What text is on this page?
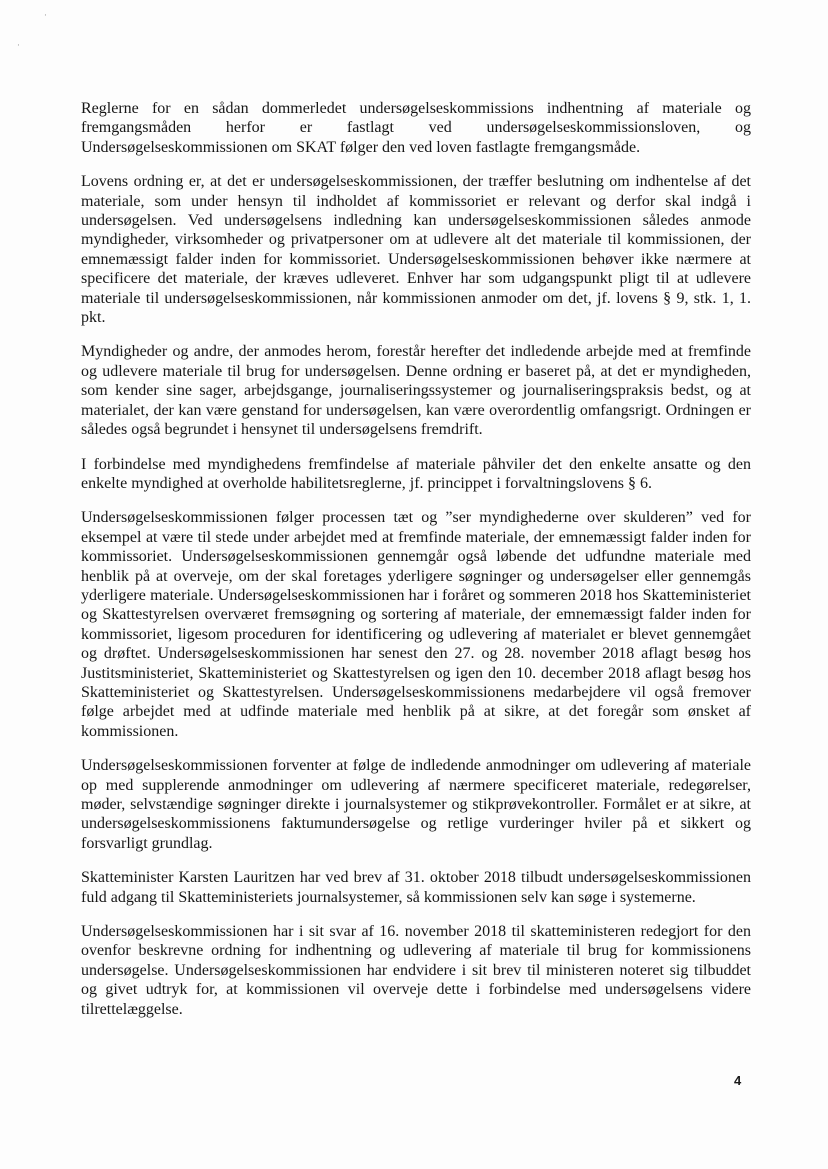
·
·

Reglerne for en sådan dommerledet undersøgelseskommissions indhentning af materiale og fremgangsmåden herfor er fastlagt ved undersøgelseskommissionsloven, og Undersøgelseskommissionen om SKAT følger den ved loven fastlagte fremgangsmåde.

Lovens ordning er, at det er undersøgelseskommissionen, der træffer beslutning om indhentelse af det materiale, som under hensyn til indholdet af kommissoriet er relevant og derfor skal indgå i undersøgelsen. Ved undersøgelsens indledning kan undersøgelseskommissionen således anmode myndigheder, virksomheder og privatpersoner om at udlevere alt det materiale til kommissionen, der emnemæssigt falder inden for kommissoriet. Undersøgelseskommissionen behøver ikke nærmere at specificere det materiale, der kræves udleveret. Enhver har som udgangspunkt pligt til at udlevere materiale til undersøgelseskommissionen, når kommissionen anmoder om det, jf. lovens § 9, stk. 1, 1. pkt.

Myndigheder og andre, der anmodes herom, forestår herefter det indledende arbejde med at fremfinde og udlevere materiale til brug for undersøgelsen. Denne ordning er baseret på, at det er myndigheden, som kender sine sager, arbejdsgange, journaliseringssystemer og journaliseringspraksis bedst, og at materialet, der kan være genstand for undersøgelsen, kan være overordentlig omfangsrigt. Ordningen er således også begrundet i hensynet til undersøgelsens fremdrift.

I forbindelse med myndighedens fremfindelse af materiale påhviler det den enkelte ansatte og den enkelte myndighed at overholde habilitetsreglerne, jf. princippet i forvaltningslovens § 6.

Undersøgelseskommissionen følger processen tæt og ”ser myndighederne over skulderen” ved for eksempel at være til stede under arbejdet med at fremfinde materiale, der emnemæssigt falder inden for kommissoriet. Undersøgelseskommissionen gennemgår også løbende det udfundne materiale med henblik på at overveje, om der skal foretages yderligere søgninger og undersøgelser eller gennemgås yderligere materiale. Undersøgelseskommissionen har i foråret og sommeren 2018 hos Skatteministeriet og Skattestyrelsen overværet fremsøgning og sortering af materiale, der emnemæssigt falder inden for kommissoriet, ligesom proceduren for identificering og udlevering af materialet er blevet gennemgået og drøftet. Undersøgelseskommissionen har senest den 27. og 28. november 2018 aflagt besøg hos Justitsministeriet, Skatteministeriet og Skattestyrelsen og igen den 10. december 2018 aflagt besøg hos Skatteministeriet og Skattestyrelsen. Undersøgelseskommissionens medarbejdere vil også fremover følge arbejdet med at udfinde materiale med henblik på at sikre, at det foregår som ønsket af kommissionen.

Undersøgelseskommissionen forventer at følge de indledende anmodninger om udlevering af materiale op med supplerende anmodninger om udlevering af nærmere specificeret materiale, redegørelser, møder, selvstændige søgninger direkte i journalsystemer og stikprøvekontroller. Formålet er at sikre, at undersøgelseskommissionens faktumundersøgelse og retlige vurderinger hviler på et sikkert og forsvarligt grundlag.

Skatteminister Karsten Lauritzen har ved brev af 31. oktober 2018 tilbudt undersøgelseskommissionen fuld adgang til Skatteministeriets journalsystemer, så kommissionen selv kan søge i systemerne.

Undersøgelseskommissionen har i sit svar af 16. november 2018 til skatteministeren redegjort for den ovenfor beskrevne ordning for indhentning og udlevering af materiale til brug for kommissionens undersøgelse. Undersøgelseskommissionen har endvidere i sit brev til ministeren noteret sig tilbuddet og givet udtryk for, at kommissionen vil overveje dette i forbindelse med undersøgelsens videre tilrettelæggelse.

4
